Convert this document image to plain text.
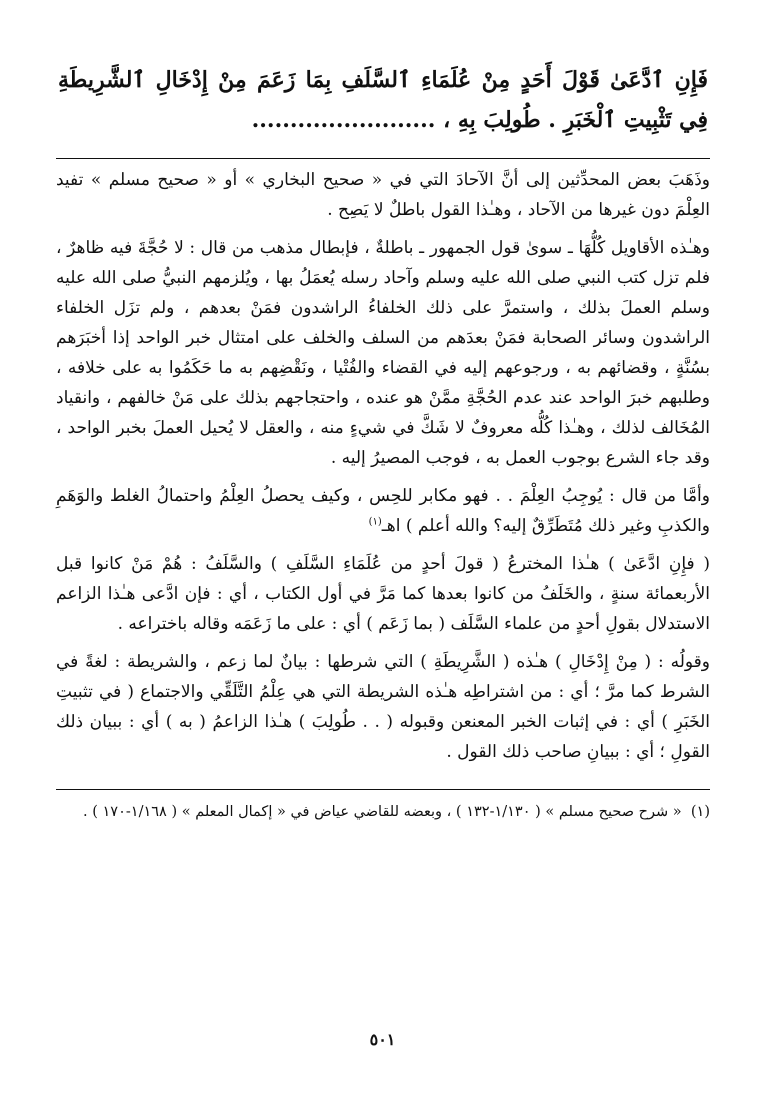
فَإِنِ ٱدَّعَىٰ قَوْلَ أَحَدٍ مِنْ عُلَمَاءِ ٱلسَّلَفِ بِمَا زَعَمَ مِنْ إِدْخَالِ ٱلشَّرِيطَةِ فِي تَثْبِيتِ ٱلْخَبَرِ . طُولِبَ بِهِ ، ........................

وذَهَبَ بعض المحدِّثين إلى أنَّ الآحادَ التي في « صحيح البخاري » أو « صحيح مسلم » تفيد العِلْمَ دون غيرها من الآحاد ، وهـٰذا القول باطلٌ لا يَصِح .

وهـٰذه الأقاويل كُلُّهَا ـ سوىٰ قول الجمهور ـ باطلةٌ ، فإبطال مذهب من قال : لا حُجَّةَ فيه ظاهرٌ ، فلم تزل كتب النبي صلى الله عليه وسلم وآحاد رسله يُعمَلُ بها ، ويُلزمهم النبيُّ صلى الله عليه وسلم العملَ بذلك ، واستمرَّ على ذلك الخلفاءُ الراشدون فمَنْ بعدهم ، ولم تزَل الخلفاء الراشدون وسائر الصحابة فمَنْ بعدَهم من السلف والخلف على امتثال خبر الواحد إذا أخبَرَهم بسُنَّةٍ ، وقضائهم به ، ورجوعهم إليه في القضاء والفُتْيا ، ونَقْضِهم به ما حَكَمُوا به على خلافه ، وطلبهم خبرَ الواحد عند عدم الحُجَّةِ ممَّنْ هو عنده ، واحتجاجهم بذلك على مَنْ خالفهم ، وانقياد المُخَالف لذلك ، وهـٰذا كُلُّه معروفٌ لا شَكَّ في شيءٍ منه ، والعقل لا يُحيل العملَ بخبر الواحد ، وقد جاء الشرع بوجوب العمل به ، فوجب المصيرُ إليه .

وأمَّا من قال : يُوجِبُ العِلْمَ . . فهو مكابر للحِس ، وكيف يحصلُ العِلْمُ واحتمالُ الغلط والوَهَمِ والكذبِ وغير ذلك مُتَطَرِّقٌ إليه؟ والله أعلم ) اهـ$^{(١)}$

( فإِنِ ادَّعَىٰ ) هـٰذا المخترعُ ( قولَ أحدٍ من عُلَمَاءِ السَّلَفِ ) والسَّلَفُ : هُمْ مَنْ كانوا قبل الأربعمائة سنةٍ ، والخَلَفُ من كانوا بعدها كما مَرَّ في أول الكتاب ، أي : فإن ادَّعى هـٰذا الزاعم الاستدلال بقولِ أحدٍ من علماء السَّلَف ( بما زَعَم ) أي : على ما زَعَمَه وقاله باختراعه .

وقولُه : ( مِنْ إِدْخَالِ ) هـٰذه ( الشَّرِيطَةِ ) التي شرطها : بيانٌ لما زعم ، والشريطة : لغةً في الشرط كما مرَّ ؛ أي : من اشتراطِه هـٰذه الشريطة التي هي عِلْمُ التَّلَقِّي والاجتماع ( في تثبيتِ الخَبَرِ ) أي : في إثبات الخبر المعنعن وقبوله ( . . طُولِبَ ) هـٰذا الزاعمُ ( به ) أي : ببيان ذلك القولِ ؛ أي : ببيانِ صاحب ذلك القول .

(١)  « شرح صحيح مسلم » ( ١/١٣٠-١٣٢ ) ، وبعضه للقاضي عياض في « إكمال المعلم » ( ١/١٦٨-١٧٠ ) .

٥٠١
